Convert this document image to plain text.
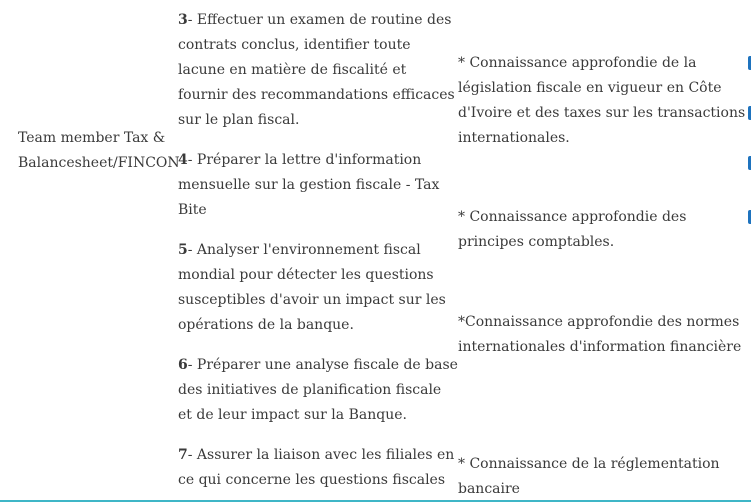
Team member Tax &
Balancesheet/FINCON
3- Effectuer un examen de routine des contrats conclus, identifier toute lacune en matière de fiscalité et fournir des recommandations efficaces sur le plan fiscal.
4- Préparer la lettre d'information mensuelle sur la gestion fiscale - Tax Bite
5- Analyser l'environnement fiscal mondial pour détecter les questions susceptibles d'avoir un impact sur les opérations de la banque.
6- Préparer une analyse fiscale de base des initiatives de planification fiscale et de leur impact sur la Banque.
7- Assurer la liaison avec les filiales en ce qui concerne les questions fiscales
* Connaissance approfondie de la législation fiscale en vigueur en Côte d'Ivoire et des taxes sur les transactions internationales.
* Connaissance approfondie des principes comptables.
*Connaissance approfondie des normes internationales d'information financière
* Connaissance de la réglementation bancaire
